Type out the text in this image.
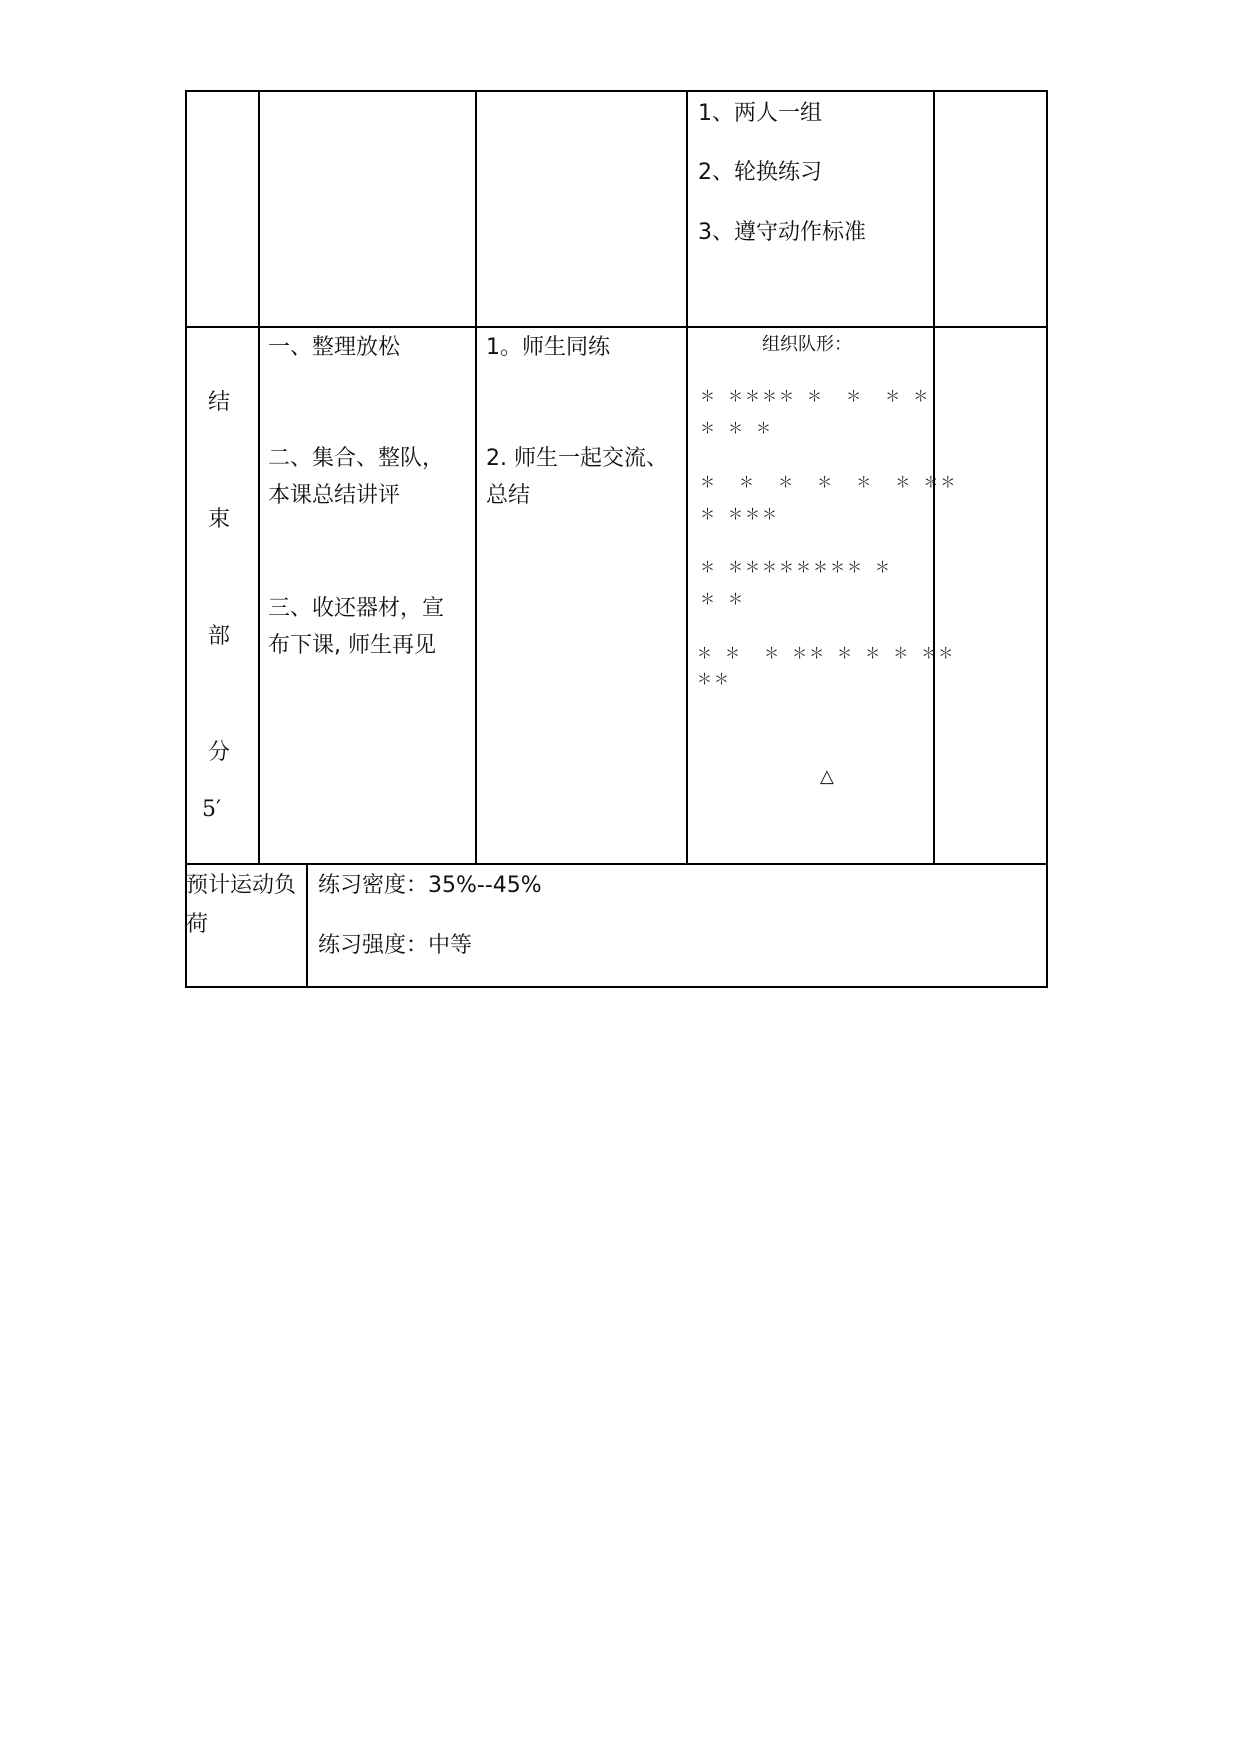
1、两人一组
2、轮换练习
3、遵守动作标准
结
束
部
分
5′
一、整理放松
二、集合、整队，
本课总结讲评
三、收还器材，宣
布下课, 师生再见
1。师生同练
2. 师生一起交流、
总结
组织队形：
＊ ＊＊＊＊ ＊  ＊  ＊ ＊
＊ ＊ ＊
＊  ＊  ＊  ＊  ＊  ＊ ＊＊
＊ ＊＊＊
＊ ＊＊＊＊＊＊＊＊ ＊
＊ ＊
＊ ＊  ＊ ＊＊ ＊ ＊ ＊ ＊＊
＊＊
△
预计运动负
荷
练习密度：35%--45%
练习强度：中等
